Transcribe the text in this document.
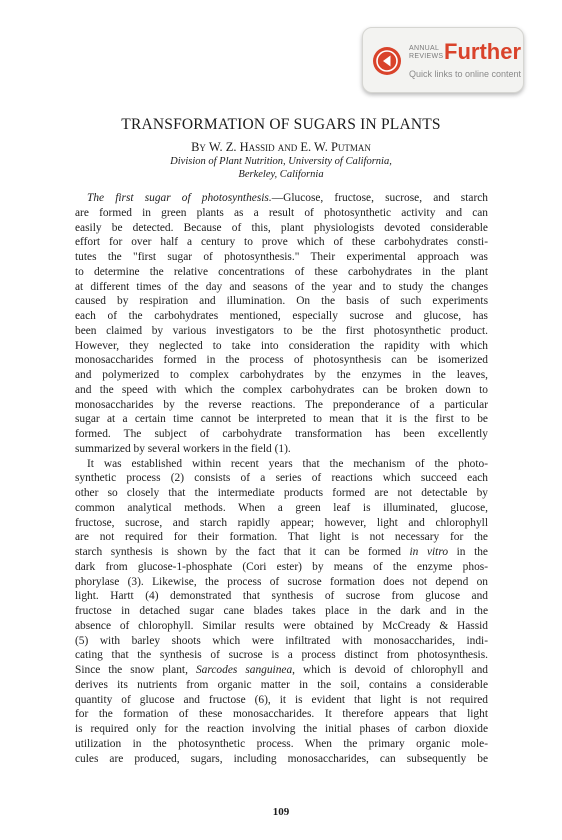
ANNUAL
REVIEWS Further
Quick links to online content
TRANSFORMATION OF SUGARS IN PLANTS
By W. Z. Hassid and E. W. Putman
Division of Plant Nutrition, University of California,
Berkeley, California
The first sugar of photosynthesis.—Glucose, fructose, sucrose, and starch
are formed in green plants as a result of photosynthetic activity and can
easily be detected. Because of this, plant physiologists devoted considerable
effort for over half a century to prove which of these carbohydrates consti-
tutes the "first sugar of photosynthesis." Their experimental approach was
to determine the relative concentrations of these carbohydrates in the plant
at different times of the day and seasons of the year and to study the changes
caused by respiration and illumination. On the basis of such experiments
each of the carbohydrates mentioned, especially sucrose and glucose, has
been claimed by various investigators to be the first photosynthetic product.
However, they neglected to take into consideration the rapidity with which
monosaccharides formed in the process of photosynthesis can be isomerized
and polymerized to complex carbohydrates by the enzymes in the leaves,
and the speed with which the complex carbohydrates can be broken down to
monosaccharides by the reverse reactions. The preponderance of a particular
sugar at a certain time cannot be interpreted to mean that it is the first to be
formed. The subject of carbohydrate transformation has been excellently
summarized by several workers in the field (1).
It was established within recent years that the mechanism of the photo-
synthetic process (2) consists of a series of reactions which succeed each
other so closely that the intermediate products formed are not detectable by
common analytical methods. When a green leaf is illuminated, glucose,
fructose, sucrose, and starch rapidly appear; however, light and chlorophyll
are not required for their formation. That light is not necessary for the
starch synthesis is shown by the fact that it can be formed in vitro in the
dark from glucose-1-phosphate (Cori ester) by means of the enzyme phos-
phorylase (3). Likewise, the process of sucrose formation does not depend on
light. Hartt (4) demonstrated that synthesis of sucrose from glucose and
fructose in detached sugar cane blades takes place in the dark and in the
absence of chlorophyll. Similar results were obtained by McCready & Hassid
(5) with barley shoots which were infiltrated with monosaccharides, indi-
cating that the synthesis of sucrose is a process distinct from photosynthesis.
Since the snow plant, Sarcodes sanguinea, which is devoid of chlorophyll and
derives its nutrients from organic matter in the soil, contains a considerable
quantity of glucose and fructose (6), it is evident that light is not required
for the formation of these monosaccharides. It therefore appears that light
is required only for the reaction involving the initial phases of carbon dioxide
utilization in the photosynthetic process. When the primary organic mole-
cules are produced, sugars, including monosaccharides, can subsequently be
109
